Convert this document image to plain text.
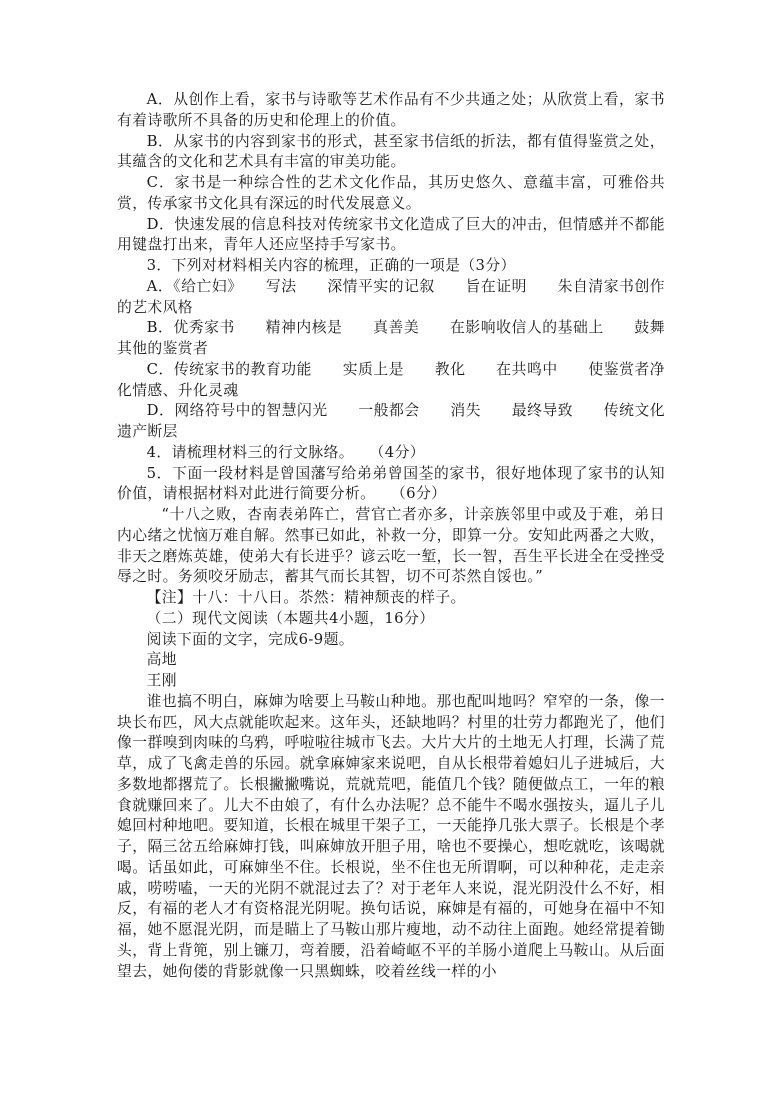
A．从创作上看，家书与诗歌等艺术作品有不少共通之处；从欣赏上看，家书有着诗歌所不具备的历史和伦理上的价值。

B．从家书的内容到家书的形式，甚至家书信纸的折法，都有值得鉴赏之处，其蕴含的文化和艺术具有丰富的审美功能。

C．家书是一种综合性的艺术文化作品，其历史悠久、意蕴丰富，可雅俗共赏，传承家书文化具有深远的时代发展意义。

D．快速发展的信息科技对传统家书文化造成了巨大的冲击，但情感并不都能用键盘打出来，青年人还应坚持手写家书。

3．下列对材料相关内容的梳理，正确的一项是（3分）

A．《给亡妇》　　写法　　深情平实的记叙　　旨在证明　　朱自清家书创作的艺术风格

B．优秀家书　　精神内核是　　真善美　　在影响收信人的基础上　　鼓舞其他的鉴赏者

C．传统家书的教育功能　　实质上是　　教化　　在共鸣中　　使鉴赏者净化情感、升化灵魂

D．网络符号中的智慧闪光　　一般都会　　消失　　最终导致　　传统文化遗产断层

4．请梳理材料三的行文脉络。　　（4分）

5．下面一段材料是曾国藩写给弟弟曾国荃的家书，很好地体现了家书的认知价值，请根据材料对此进行简要分析。　　（6分）

“十八之败，杏南表弟阵亡，营官亡者亦多，计亲族邻里中或及于难，弟日内心绪之忧恼万难自解。然事已如此，补救一分，即算一分。安知此两番之大败，非天之磨炼英雄，使弟大有长进乎？谚云吃一堑，长一智，吾生平长进全在受挫受辱之时。务须咬牙励志，蓄其气而长其智，切不可苶然自馁也。”

【注】十八：十八日。苶然：精神颓丧的样子。

（二）现代文阅读（本题共4小题，16分）

阅读下面的文字，完成6-9题。

高地

王刚

谁也搞不明白，麻婶为啥要上马鞍山种地。那也配叫地吗？窄窄的一条，像一块长布匹，风大点就能吹起来。这年头，还缺地吗？村里的壮劳力都跑光了，他们像一群嗅到肉味的乌鸦，呼啦啦往城市飞去。大片大片的土地无人打理，长满了荒草，成了飞禽走兽的乐园。就拿麻婶家来说吧，自从长根带着媳妇儿子进城后，大多数地都撂荒了。长根撇撇嘴说，荒就荒吧，能值几个钱？随便做点工，一年的粮食就赚回来了。儿大不由娘了，有什么办法呢？总不能牛不喝水强按头，逼儿子儿媳回村种地吧。要知道，长根在城里干架子工，一天能挣几张大票子。长根是个孝子，隔三岔五给麻婶打钱，叫麻婶放开胆子用，啥也不要操心，想吃就吃，该喝就喝。话虽如此，可麻婶坐不住。长根说，坐不住也无所谓啊，可以种种花，走走亲戚，唠唠嗑，一天的光阴不就混过去了？对于老年人来说，混光阴没什么不好，相反，有福的老人才有资格混光阴呢。换句话说，麻婶是有福的，可她身在福中不知福，她不愿混光阴，而是瞄上了马鞍山那片瘦地，动不动往上面跑。她经常提着锄头，背上背篼，别上镰刀，弯着腰，沿着崎岖不平的羊肠小道爬上马鞍山。从后面望去，她佝偻的背影就像一只黑蜘蛛，咬着丝线一样的小
